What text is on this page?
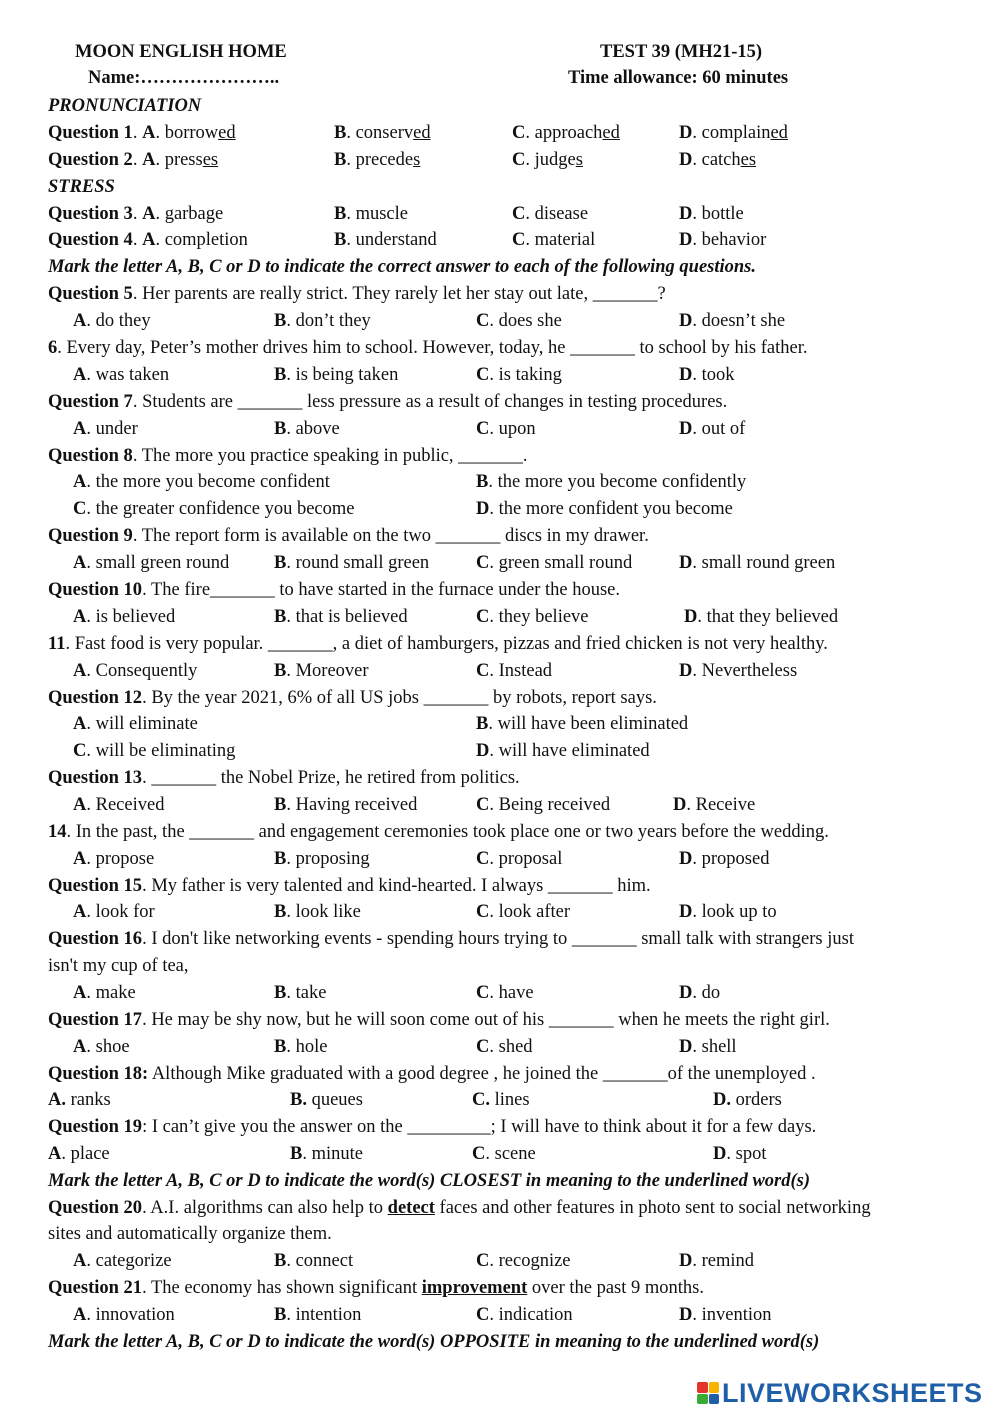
MOON ENGLISH HOME	TEST 39 (MH21-15)
Name:…………………..	Time allowance: 60 minutes
PRONUNCIATION
Question 1. A. borrowed	B. conserved	C. approached	D. complained
Question 2. A. presses	B. precedes	C. judges	D. catches
STRESS
Question 3. A. garbage	B. muscle	C. disease	D. bottle
Question 4. A. completion	B. understand	C. material	D. behavior
Mark the letter A, B, C or D to indicate the correct answer to each of the following questions.
Question 5. Her parents are really strict. They rarely let her stay out late, _______?
A. do they	B. don’t they	C. does she	D. doesn’t she
6. Every day, Peter’s mother drives him to school. However, today, he _______ to school by his father.
A. was taken	B. is being taken	C. is taking	D. took
Question 7. Students are _______ less pressure as a result of changes in testing procedures.
A. under	B. above	C. upon	D. out of
Question 8. The more you practice speaking in public, _______.
A. the more you become confident	B. the more you become confidently
C. the greater confidence you become	D. the more confident you become
Question 9. The report form is available on the two _______ discs in my drawer.
A. small green round B. round small green	C. green small round	D. small round green
Question 10. The fire_______ to have started in the furnace under the house.
A. is believed	B. that is believed	C. they believe	D. that they believed
11. Fast food is very popular. _______, a diet of hamburgers, pizzas and fried chicken is not very healthy.
A. Consequently	B. Moreover	C. Instead	D. Nevertheless
Question 12. By the year 2021, 6% of all US jobs _______ by robots, report says.
A. will eliminate	B. will have been eliminated
C. will be eliminating	D. will have eliminated
Question 13. _______ the Nobel Prize, he retired from politics.
A. Received	B. Having received	C. Being received	D. Receive
14. In the past, the _______ and engagement ceremonies took place one or two years before the wedding.
A. propose	B. proposing	C. proposal	D. proposed
Question 15. My father is very talented and kind-hearted. I always _______ him.
A. look for	B. look like	C. look after	D. look up to
Question 16. I don't like networking events - spending hours trying to _______ small talk with strangers just
isn't my cup of tea,
A. make	B. take	C. have	D. do
Question 17. He may be shy now, but he will soon come out of his _______ when he meets the right girl.
A. shoe	B. hole	C. shed	D. shell
Question 18: Although Mike graduated with a good degree , he joined the _______of the unemployed .
A. ranks	B. queues	C. lines	D. orders
Question 19: I can’t give you the answer on the _________; I will have to think about it for a few days.
A. place	B. minute	C. scene	D. spot
Mark the letter A, B, C or D to indicate the word(s) CLOSEST in meaning to the underlined word(s)
Question 20. A.I. algorithms can also help to detect faces and other features in photo sent to social networking
sites and automatically organize them.
A. categorize	B. connect	C. recognize	D. remind
Question 21. The economy has shown significant improvement over the past 9 months.
A. innovation	B. intention	C. indication	D. invention
Mark the letter A, B, C or D to indicate the word(s) OPPOSITE in meaning to the underlined word(s)
LIVEWORKSHEETS
